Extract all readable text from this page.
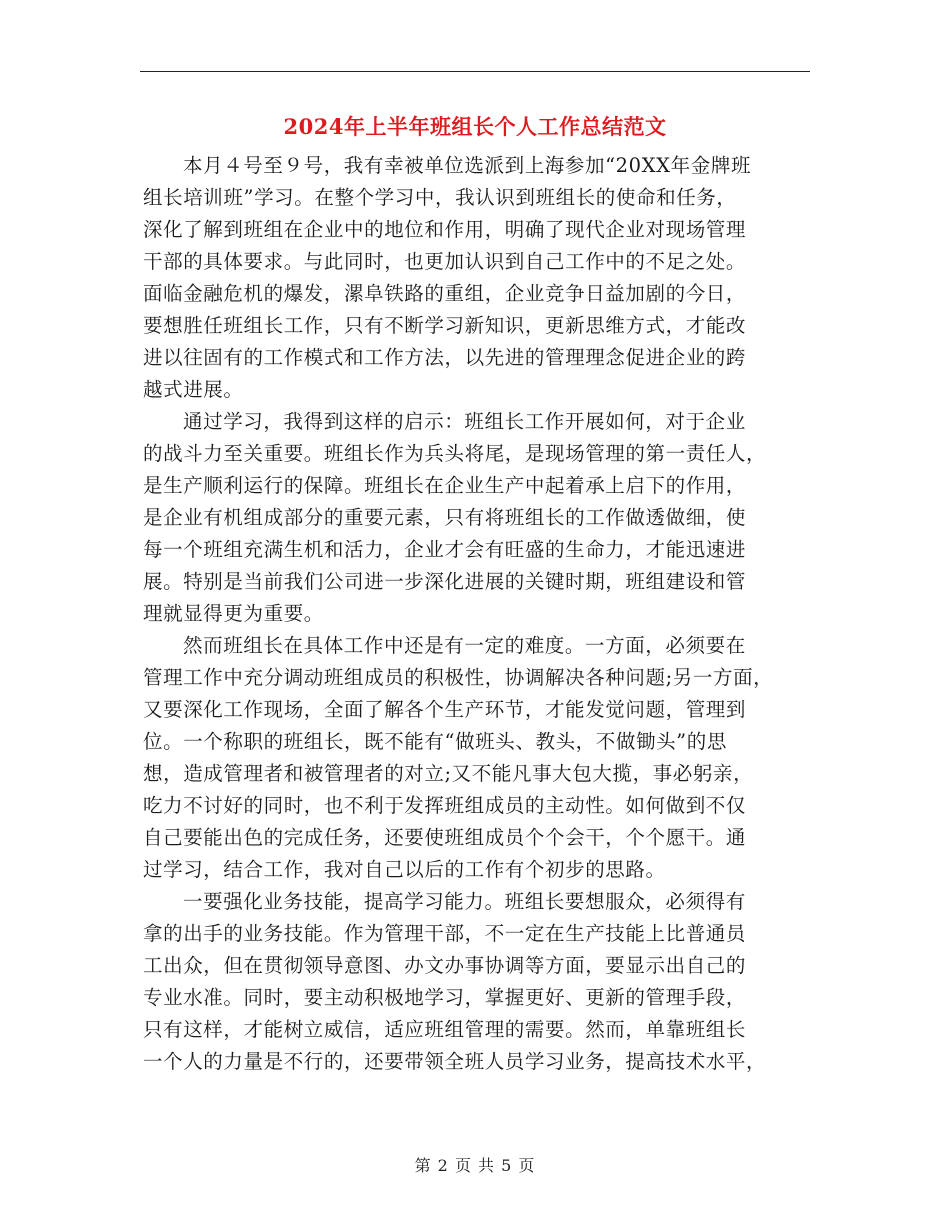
2024年上半年班组长个人工作总结范文
本月４号至９号，我有幸被单位选派到上海参加“20XX年金牌班
组长培训班”学习。在整个学习中，我认识到班组长的使命和任务，
深化了解到班组在企业中的地位和作用，明确了现代企业对现场管理
干部的具体要求。与此同时，也更加认识到自己工作中的不足之处。
面临金融危机的爆发，漯阜铁路的重组，企业竞争日益加剧的今日，
要想胜任班组长工作，只有不断学习新知识，更新思维方式，才能改
进以往固有的工作模式和工作方法，以先进的管理理念促进企业的跨
越式进展。
通过学习，我得到这样的启示：班组长工作开展如何，对于企业
的战斗力至关重要。班组长作为兵头将尾，是现场管理的第一责任人，
是生产顺利运行的保障。班组长在企业生产中起着承上启下的作用，
是企业有机组成部分的重要元素，只有将班组长的工作做透做细，使
每一个班组充满生机和活力，企业才会有旺盛的生命力，才能迅速进
展。特别是当前我们公司进一步深化进展的关键时期，班组建设和管
理就显得更为重要。
然而班组长在具体工作中还是有一定的难度。一方面，必须要在
管理工作中充分调动班组成员的积极性，协调解决各种问题;另一方面，
又要深化工作现场，全面了解各个生产环节，才能发觉问题，管理到
位。一个称职的班组长，既不能有“做班头、教头，不做锄头”的思
想，造成管理者和被管理者的对立;又不能凡事大包大揽，事必躬亲，
吃力不讨好的同时，也不利于发挥班组成员的主动性。如何做到不仅
自己要能出色的完成任务，还要使班组成员个个会干，个个愿干。通
过学习，结合工作，我对自己以后的工作有个初步的思路。
一要强化业务技能，提高学习能力。班组长要想服众，必须得有
拿的出手的业务技能。作为管理干部，不一定在生产技能上比普通员
工出众，但在贯彻领导意图、办文办事协调等方面，要显示出自己的
专业水准。同时，要主动积极地学习，掌握更好、更新的管理手段，
只有这样，才能树立威信，适应班组管理的需要。然而，单靠班组长
一个人的力量是不行的，还要带领全班人员学习业务，提高技术水平，
第 2 页 共 5 页
